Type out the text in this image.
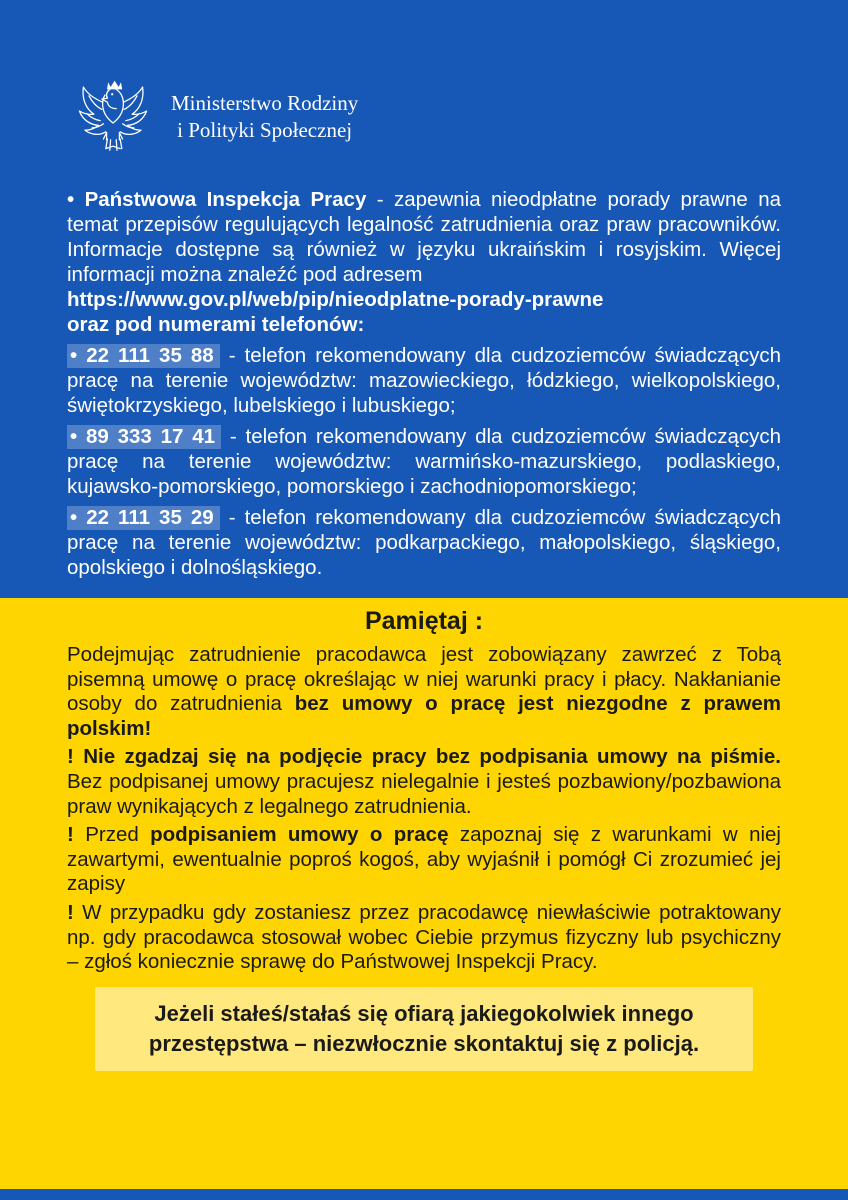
Ministerstwo Rodziny
i Polityki Społecznej

• Państwowa Inspekcja Pracy - zapewnia nieodpłatne porady prawne na temat przepisów regulujących legalność zatrudnienia oraz praw pracowników. Informacje dostępne są również w języku ukraińskim i rosyjskim. Więcej informacji można znaleźć pod adresem
https://www.gov.pl/web/pip/nieodplatne-porady-prawne

oraz pod numerami telefonów:

• 22 111 35 88 - telefon rekomendowany dla cudzoziemców świadczących pracę na terenie województw: mazowieckiego, łódzkiego, wielkopolskiego, świętokrzyskiego, lubelskiego i lubuskiego;

• 89 333 17 41 - telefon rekomendowany dla cudzoziemców świadczących pracę na terenie województw: warmińsko-mazurskiego, podlaskiego, kujawsko-pomorskiego, pomorskiego i zachodniopomorskiego;

• 22 111 35 29 - telefon rekomendowany dla cudzoziemców świadczących pracę na terenie województw: podkarpackiego, małopolskiego, śląskiego, opolskiego i dolnośląskiego.

Pamiętaj :

Podejmując zatrudnienie pracodawca jest zobowiązany zawrzeć z Tobą pisemną umowę o pracę określając w niej warunki pracy i płacy. Nakłanianie osoby do zatrudnienia bez umowy o pracę jest niezgodne z prawem polskim!

! Nie zgadzaj się na podjęcie pracy bez podpisania umowy na piśmie. Bez podpisanej umowy pracujesz nielegalnie i jesteś pozbawiony/pozbawiona praw wynikających z legalnego zatrudnienia.

! Przed podpisaniem umowy o pracę zapoznaj się z warunkami w niej zawartymi, ewentualnie poproś kogoś, aby wyjaśnił i pomógł Ci zrozumieć jej zapisy

! W przypadku gdy zostaniesz przez pracodawcę niewłaściwie potraktowany np. gdy pracodawca stosował wobec Ciebie przymus fizyczny lub psychiczny – zgłoś koniecznie sprawę do Państwowej Inspekcji Pracy.

Jeżeli stałeś/stałaś się ofiarą jakiegokolwiek innego przestępstwa – niezwłocznie skontaktuj się z policją.
